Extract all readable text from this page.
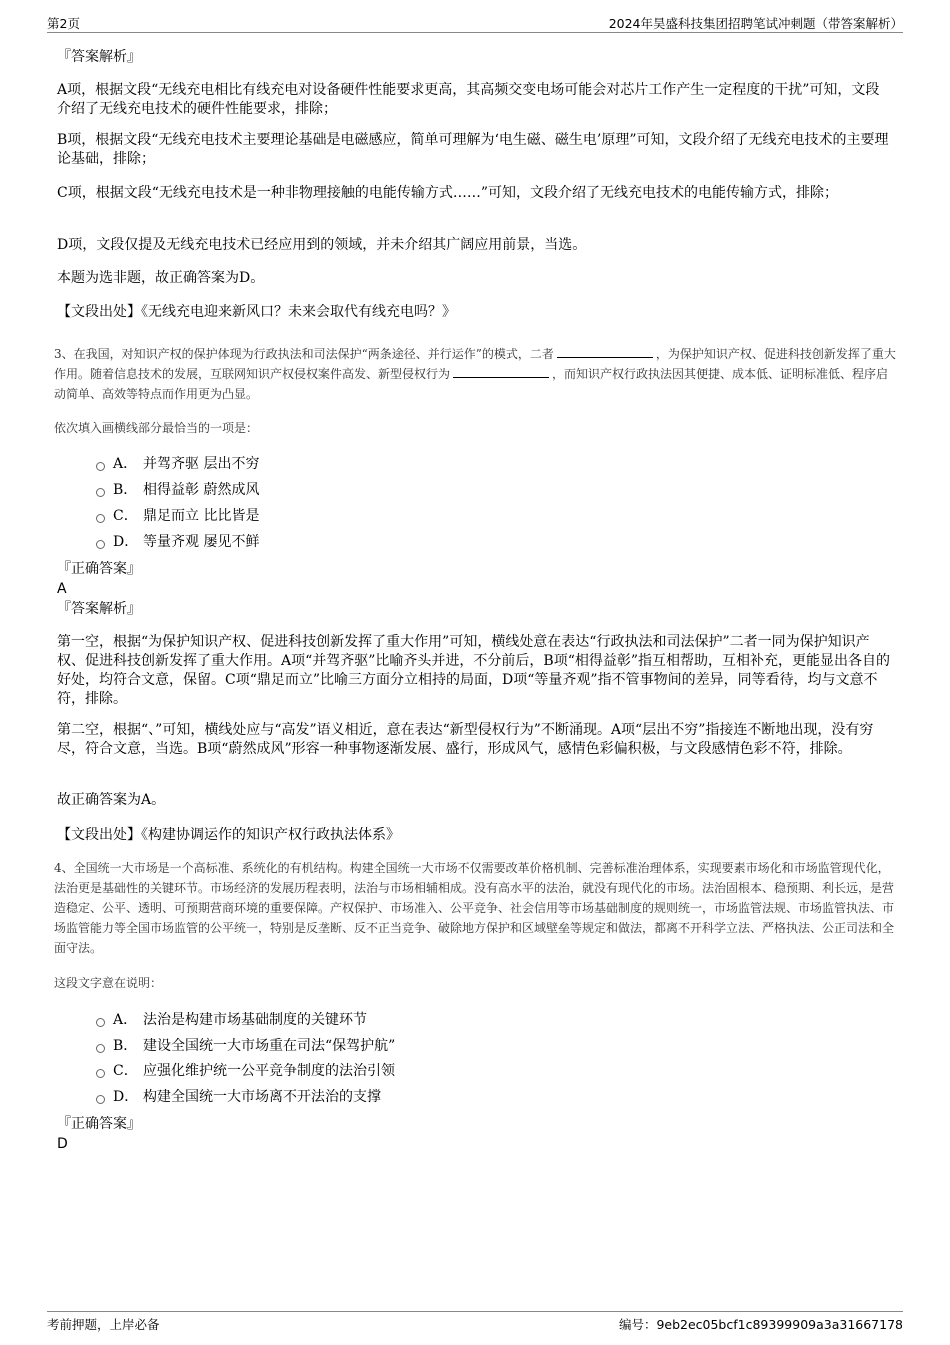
第2页	2024年昊盛科技集团招聘笔试冲刺题（带答案解析）
『答案解析』
A项，根据文段“无线充电相比有线充电对设备硬件性能要求更高，其高频交变电场可能会对芯片工作产生一定程度的干扰”可知，文段介绍了无线充电技术的硬件性能要求，排除；
B项，根据文段“无线充电技术主要理论基础是电磁感应，简单可理解为‘电生磁、磁生电’原理”可知，文段介绍了无线充电技术的主要理论基础，排除；
C项，根据文段“无线充电技术是一种非物理接触的电能传输方式……”可知，文段介绍了无线充电技术的电能传输方式，排除；
D项，文段仅提及无线充电技术已经应用到的领域，并未介绍其广阔应用前景，当选。
本题为选非题，故正确答案为D。
【文段出处】《无线充电迎来新风口？未来会取代有线充电吗？》
3、在我国，对知识产权的保护体现为行政执法和司法保护“两条途径、并行运作”的模式，二者	，为保护知识产权、促进科技创新发挥了重大作用。随着信息技术的发展，互联网知识产权侵权案件高发、新型侵权行为	，而知识产权行政执法因其便捷、成本低、证明标准低、程序启动简单、高效等特点而作用更为凸显。
依次填入画横线部分最恰当的一项是：
A． 并驾齐驱 层出不穷
B． 相得益彰 蔚然成风
C． 鼎足而立 比比皆是
D． 等量齐观 屡见不鲜
『正确答案』
A
『答案解析』
第一空，根据“为保护知识产权、促进科技创新发挥了重大作用”可知，横线处意在表达“行政执法和司法保护”二者一同为保护知识产权、促进科技创新发挥了重大作用。A项“并驾齐驱”比喻齐头并进，不分前后，B项“相得益彰”指互相帮助，互相补充，更能显出各自的好处，均符合文意，保留。C项“鼎足而立”比喻三方面分立相持的局面，D项“等量齐观”指不管事物间的差异，同等看待，均与文意不符，排除。
第二空，根据“、”可知，横线处应与“高发”语义相近，意在表达“新型侵权行为”不断涌现。A项“层出不穷”指接连不断地出现，没有穷尽，符合文意，当选。B项“蔚然成风”形容一种事物逐渐发展、盛行，形成风气，感情色彩偏积极，与文段感情色彩不符，排除。
故正确答案为A。
【文段出处】《构建协调运作的知识产权行政执法体系》
4、全国统一大市场是一个高标准、系统化的有机结构。构建全国统一大市场不仅需要改革价格机制、完善标准治理体系，实现要素市场化和市场监管现代化，法治更是基础性的关键环节。市场经济的发展历程表明，法治与市场相辅相成。没有高水平的法治，就没有现代化的市场。法治固根本、稳预期、利长远，是营造稳定、公平、透明、可预期营商环境的重要保障。产权保护、市场准入、公平竞争、社会信用等市场基础制度的规则统一，市场监管法规、市场监管执法、市场监管能力等全国市场监管的公平统一，特别是反垄断、反不正当竞争、破除地方保护和区域壁垒等规定和做法，都离不开科学立法、严格执法、公正司法和全面守法。
这段文字意在说明：
A． 法治是构建市场基础制度的关键环节
B． 建设全国统一大市场重在司法“保驾护航”
C． 应强化维护统一公平竞争制度的法治引领
D． 构建全国统一大市场离不开法治的支撑
『正确答案』
D
考前押题，上岸必备	编号：9eb2ec05bcf1c89399909a3a31667178
